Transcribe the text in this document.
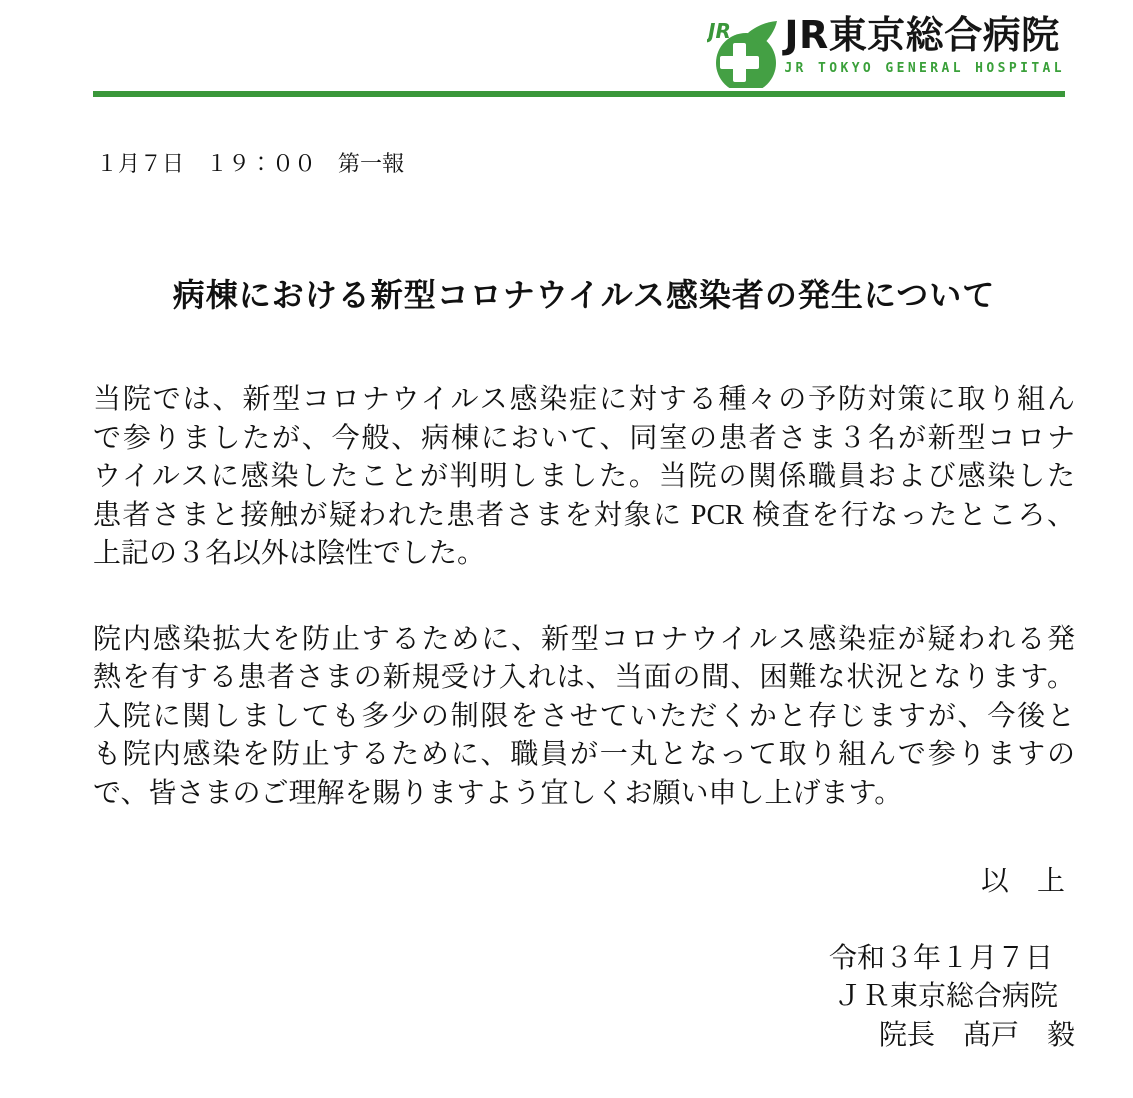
JR JR東京総合病院
JR TOKYO GENERAL HOSPITAL
１月７日　１９：００　第一報
病棟における新型コロナウイルス感染者の発生について
当院では、新型コロナウイルス感染症に対する種々の予防対策に取り組ん
で参りましたが、今般、病棟において、同室の患者さま３名が新型コロナ
ウイルスに感染したことが判明しました。当院の関係職員および感染した
患者さまと接触が疑われた患者さまを対象に PCR 検査を行なったところ、
上記の３名以外は陰性でした。
院内感染拡大を防止するために、新型コロナウイルス感染症が疑われる発
熱を有する患者さまの新規受け入れは、当面の間、困難な状況となります。
入院に関しましても多少の制限をさせていただくかと存じますが、今後と
も院内感染を防止するために、職員が一丸となって取り組んで参りますの
で、皆さまのご理解を賜りますよう宜しくお願い申し上げます。
以　上
令和３年１月７日
ＪＲ東京総合病院
院長　髙戸　毅
